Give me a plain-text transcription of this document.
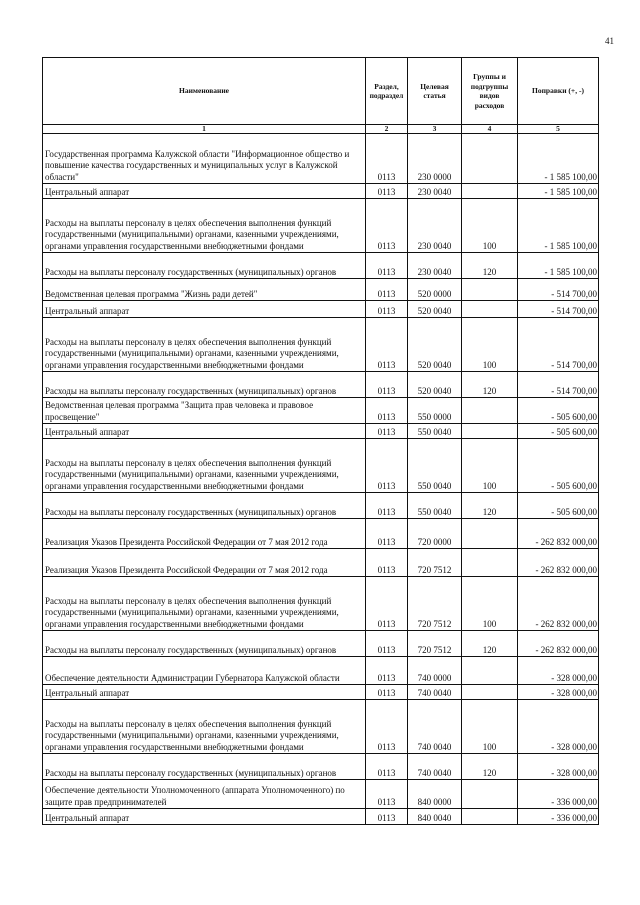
41
Наименование	Раздел, подраздел	Целевая статья	Группы и подгруппы видов расходов	Поправки (+, -)
1	2	3	4	5
Государственная программа Калужской области "Информационное общество и повышение качества государственных и муниципальных услуг в Калужской области"	0113	230 0000		- 1 585 100,00
Центральный аппарат	0113	230 0040		- 1 585 100,00
Расходы на выплаты персоналу в целях обеспечения выполнения функций государственными (муниципальными) органами, казенными учреждениями, органами управления государственными внебюджетными фондами	0113	230 0040	100	- 1 585 100,00
Расходы на выплаты персоналу государственных (муниципальных) органов	0113	230 0040	120	- 1 585 100,00
Ведомственная целевая программа "Жизнь ради детей"	0113	520 0000		- 514 700,00
Центральный аппарат	0113	520 0040		- 514 700,00
Расходы на выплаты персоналу в целях обеспечения выполнения функций государственными (муниципальными) органами, казенными учреждениями, органами управления государственными внебюджетными фондами	0113	520 0040	100	- 514 700,00
Расходы на выплаты персоналу государственных (муниципальных) органов	0113	520 0040	120	- 514 700,00
Ведомственная целевая программа "Защита прав человека и правовое просвещение"	0113	550 0000		- 505 600,00
Центральный аппарат	0113	550 0040		- 505 600,00
Расходы на выплаты персоналу в целях обеспечения выполнения функций государственными (муниципальными) органами, казенными учреждениями, органами управления государственными внебюджетными фондами	0113	550 0040	100	- 505 600,00
Расходы на выплаты персоналу государственных (муниципальных) органов	0113	550 0040	120	- 505 600,00
Реализация Указов Президента Российской Федерации от 7 мая 2012 года	0113	720 0000		- 262 832 000,00
Реализация Указов Президента Российской Федерации от 7 мая 2012 года	0113	720 7512		- 262 832 000,00
Расходы на выплаты персоналу в целях обеспечения выполнения функций государственными (муниципальными) органами, казенными учреждениями, органами управления государственными внебюджетными фондами	0113	720 7512	100	- 262 832 000,00
Расходы на выплаты персоналу государственных (муниципальных) органов	0113	720 7512	120	- 262 832 000,00
Обеспечение деятельности Администрации Губернатора Калужской области	0113	740 0000		- 328 000,00
Центральный аппарат	0113	740 0040		- 328 000,00
Расходы на выплаты персоналу в целях обеспечения выполнения функций государственными (муниципальными) органами, казенными учреждениями, органами управления государственными внебюджетными фондами	0113	740 0040	100	- 328 000,00
Расходы на выплаты персоналу государственных (муниципальных) органов	0113	740 0040	120	- 328 000,00
Обеспечение деятельности Уполномоченного (аппарата Уполномоченного) по защите прав предпринимателей	0113	840 0000		- 336 000,00
Центральный аппарат	0113	840 0040		- 336 000,00
